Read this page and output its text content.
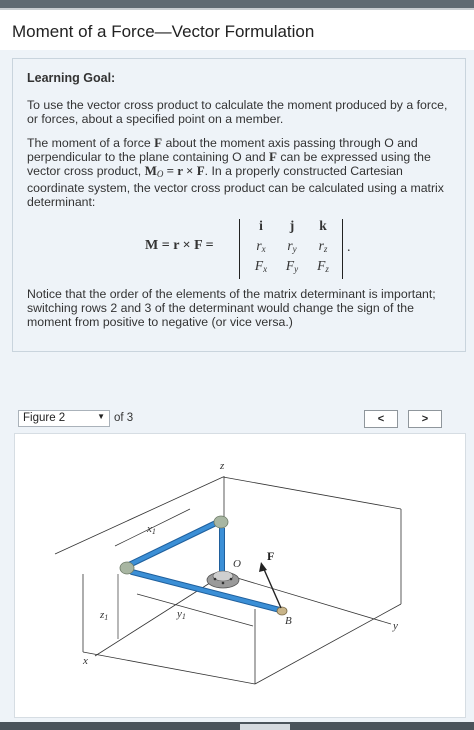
Moment of a Force—Vector Formulation
Learning Goal:

To use the vector cross product to calculate the moment produced by a force, or forces, about a specified point on a member.

The moment of a force F about the moment axis passing through O and perpendicular to the plane containing O and F can be expressed using the vector cross product, $M_O = r \times F$. In a properly constructed Cartesian coordinate system, the vector cross product can be calculated using a matrix determinant:

M = r × F =
i	j	k
$r_x$	$r_y$	$r_z$
$F_x$	$F_y$	$F_z$
.

Notice that the order of the elements of the matrix determinant is important; switching rows 2 and 3 of the determinant would change the sign of the moment from positive to negative (or vice versa.)

Figure 2	▼ of 3	<	>
z
y
x
x1
z1	y1
O
F
B
